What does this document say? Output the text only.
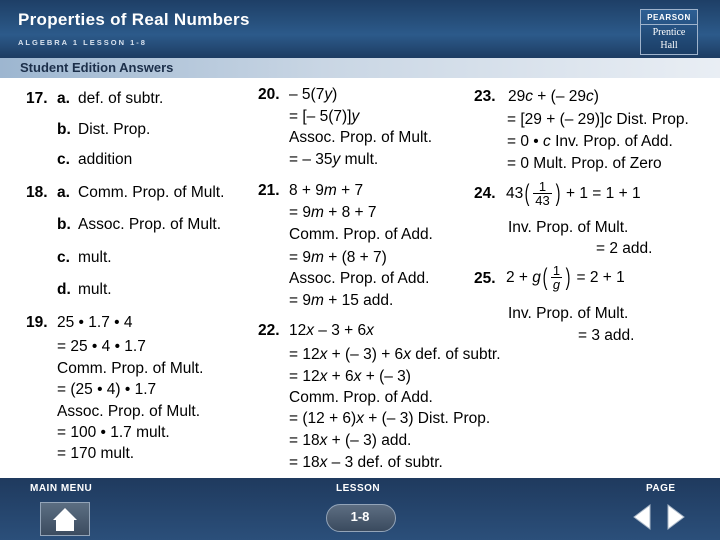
Properties of Real Numbers
ALGEBRA 1 LESSON 1-8
PEARSON
Prentice
Hall
Student Edition Answers
17. a. def. of subtr.
b. Dist. Prop.
c. addition
18. a. Comm. Prop. of Mult.
b. Assoc. Prop. of Mult.
c. mult.
d. mult.
19. 25 • 1.7 • 4
= 25 • 4 • 1.7
Comm. Prop. of Mult.
= (25 • 4) • 1.7
Assoc. Prop. of Mult.
= 100 • 1.7 mult.
= 170 mult.
20. – 5(7y)
= [– 5(7)]y
Assoc. Prop. of Mult.
= – 35y mult.
21. 8 + 9m + 7
= 9m + 8 + 7
Comm. Prop. of Add.
= 9m + (8 + 7)
Assoc. Prop. of Add.
= 9m + 15 add.
22. 12x – 3 + 6x
= 12x + (– 3) + 6x def. of subtr.
= 12x + 6x + (– 3)
Comm. Prop. of Add.
= (12 + 6)x + (– 3) Dist. Prop.
= 18x + (– 3) add.
= 18x – 3 def. of subtr.
23. 29c + (– 29c)
= [29 + (– 29)]c Dist. Prop.
= 0 • c Inv. Prop. of Add.
= 0 Mult. Prop. of Zero
24. $43( \frac{1}{43}$ ) + 1 = 1 + 1
Inv. Prop. of Mult.
= 2 add.
25. $2 + g( \frac{1}{g}$ ) = 2 + 1
Inv. Prop. of Mult.
= 3 add.
MAIN MENU	LESSON	PAGE
1-8
